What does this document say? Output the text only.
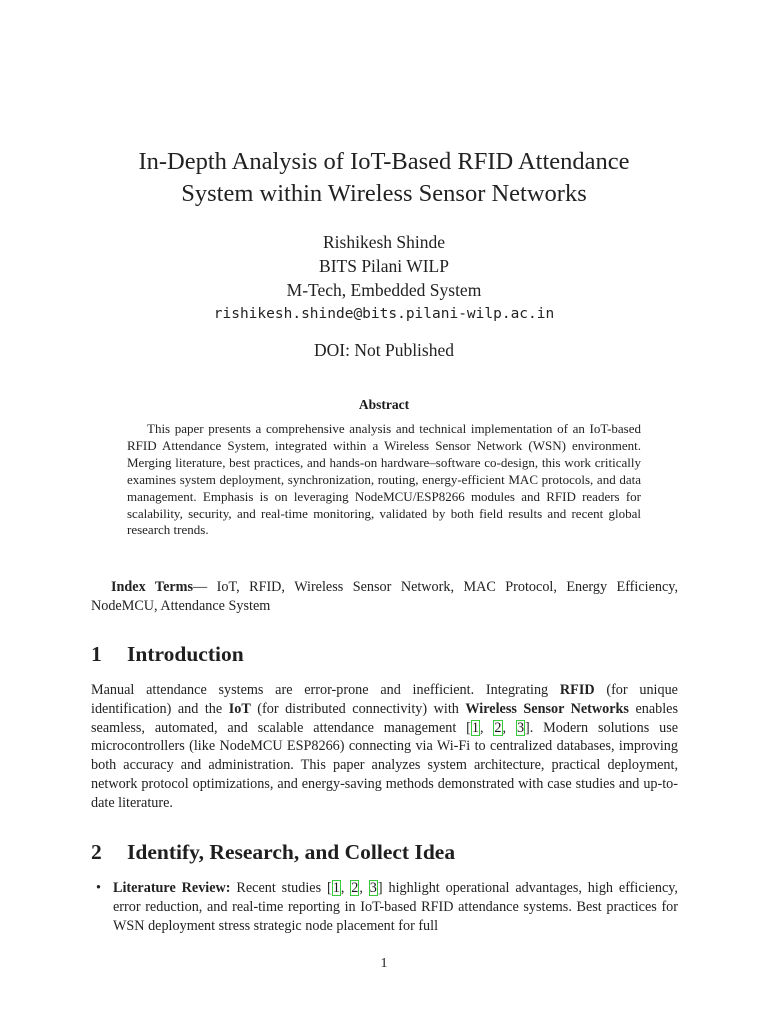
In-Depth Analysis of IoT-Based RFID Attendance
System within Wireless Sensor Networks
Rishikesh Shinde
BITS Pilani WILP
M-Tech, Embedded System
rishikesh.shinde@bits.pilani-wilp.ac.in
DOI: Not Published
Abstract
This paper presents a comprehensive analysis and technical implementation of an IoT-based RFID Attendance System, integrated within a Wireless Sensor Network (WSN) environment. Merging literature, best practices, and hands-on hardware–software co-design, this work critically examines system deployment, synchronization, routing, energy-efficient MAC protocols, and data management. Emphasis is on leveraging NodeMCU/ESP8266 modules and RFID readers for scalability, security, and real-time monitoring, validated by both field results and recent global research trends.
Index Terms— IoT, RFID, Wireless Sensor Network, MAC Protocol, Energy Efficiency, NodeMCU, Attendance System
1 Introduction
Manual attendance systems are error-prone and inefficient. Integrating RFID (for unique identification) and the IoT (for distributed connectivity) with Wireless Sensor Networks enables seamless, automated, and scalable attendance management [1, 2, 3]. Modern solutions use microcontrollers (like NodeMCU ESP8266) connecting via Wi-Fi to centralized databases, improving both accuracy and administration. This paper analyzes system architecture, practical deployment, network protocol optimizations, and energy-saving methods demonstrated with case studies and up-to-date literature.
2 Identify, Research, and Collect Idea
• Literature Review: Recent studies [1, 2, 3] highlight operational advantages, high efficiency, error reduction, and real-time reporting in IoT-based RFID attendance systems. Best practices for WSN deployment stress strategic node placement for full
1
